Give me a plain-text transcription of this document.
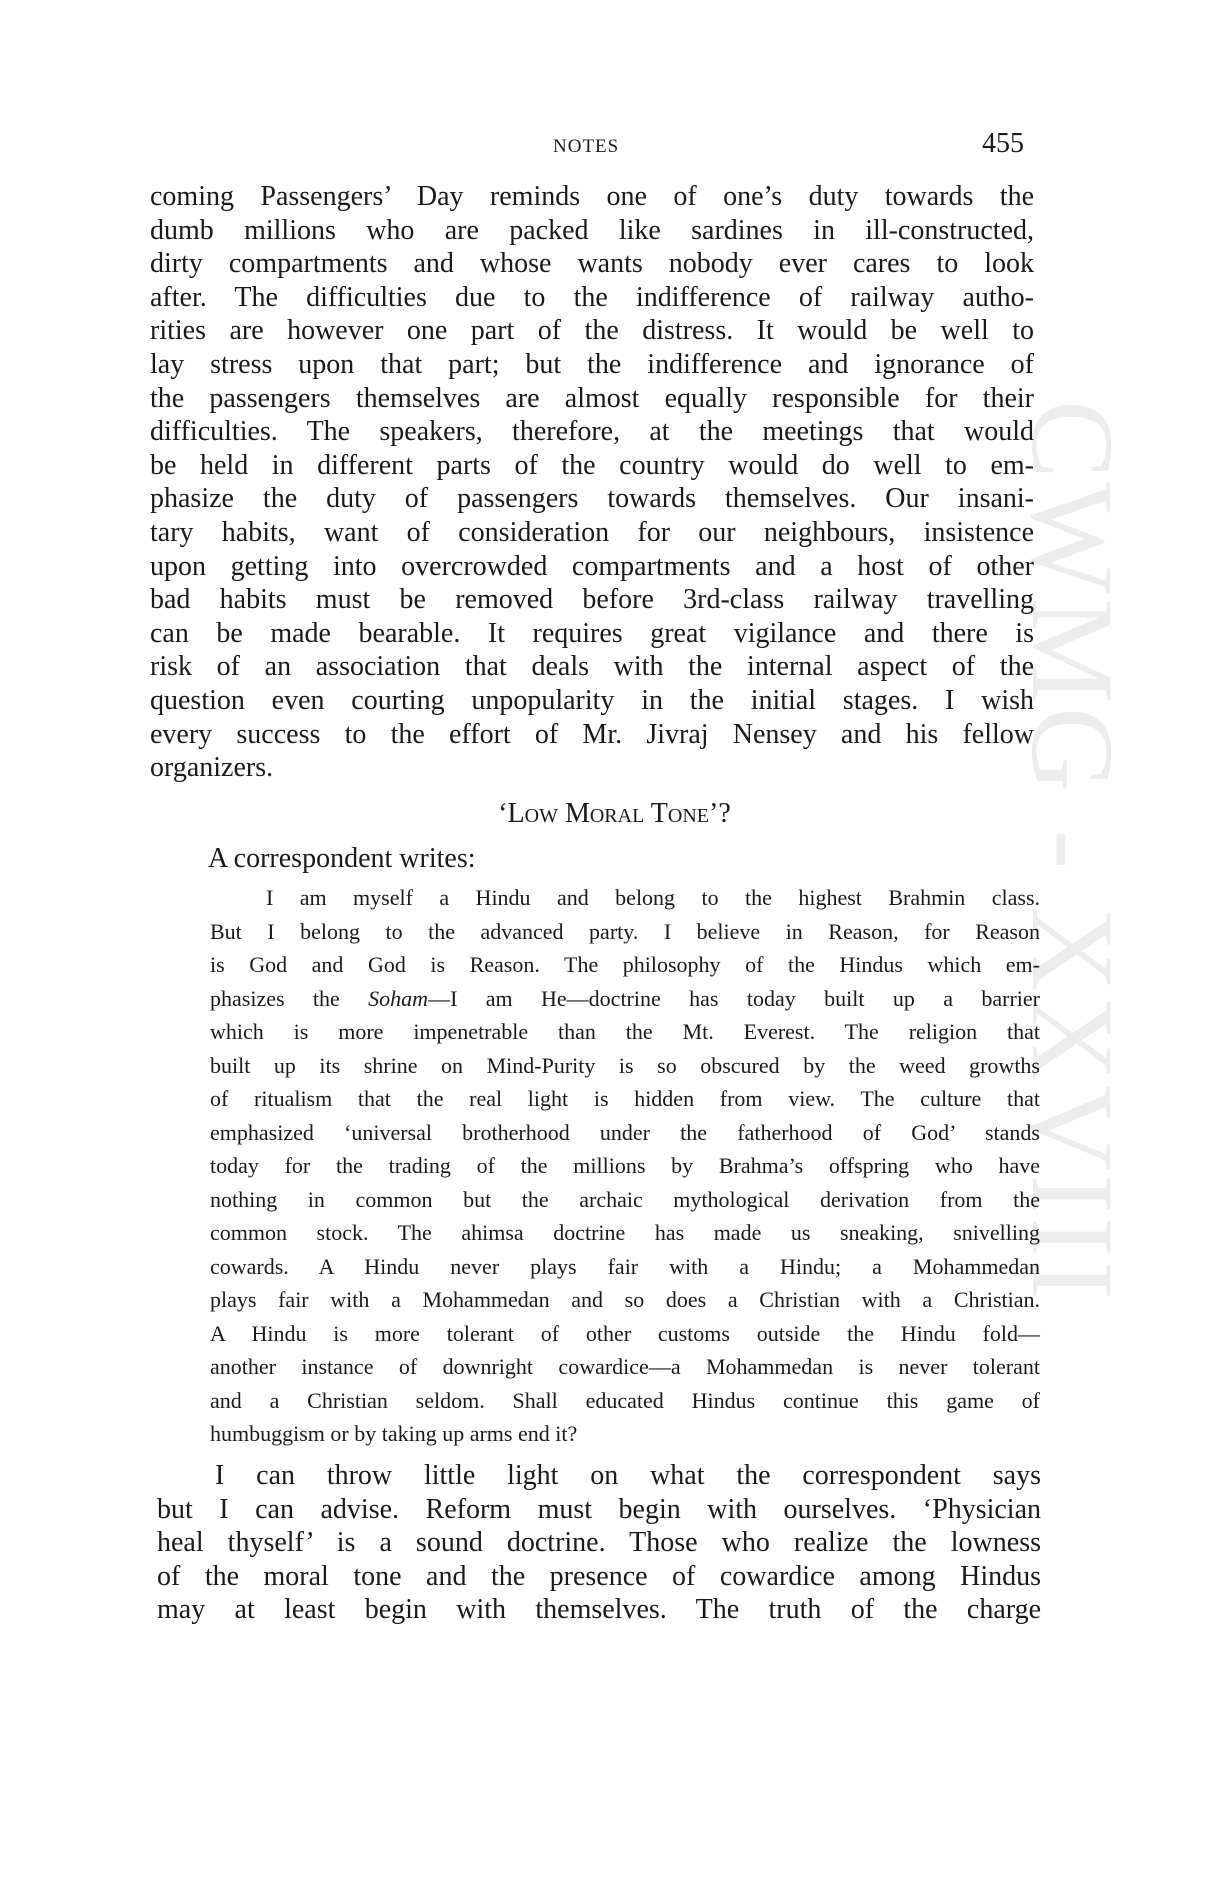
CWMG - XXVIII
NOTES	455
coming Passengers’ Day reminds one of one’s duty towards the
dumb millions who are packed like sardines in ill-constructed,
dirty compartments and whose wants nobody ever cares to look
after. The difficulties due to the indifference of railway autho-
rities are however one part of the distress. It would be well to
lay stress upon that part; but the indifference and ignorance of
the passengers themselves are almost equally responsible for their
difficulties. The speakers, therefore, at the meetings that would
be held in different parts of the country would do well to em-
phasize the duty of passengers towards themselves. Our insani-
tary habits, want of consideration for our neighbours, insistence
upon getting into overcrowded compartments and a host of other
bad habits must be removed before 3rd-class railway travelling
can be made bearable. It requires great vigilance and there is
risk of an association that deals with the internal aspect of the
question even courting unpopularity in the initial stages. I wish
every success to the effort of Mr. Jivraj Nensey and his fellow
organizers.
‘Low Moral Tone’?
A correspondent writes:
I am myself a Hindu and belong to the highest Brahmin class.
But I belong to the advanced party. I believe in Reason, for Reason
is God and God is Reason. The philosophy of the Hindus which em-
phasizes the Soham—I am He—doctrine has today built up a barrier
which is more impenetrable than the Mt. Everest. The religion that
built up its shrine on Mind-Purity is so obscured by the weed growths
of ritualism that the real light is hidden from view. The culture that
emphasized ‘universal brotherhood under the fatherhood of God’ stands
today for the trading of the millions by Brahma’s offspring who have
nothing in common but the archaic mythological derivation from the
common stock. The ahimsa doctrine has made us sneaking, snivelling
cowards. A Hindu never plays fair with a Hindu; a Mohammedan
plays fair with a Mohammedan and so does a Christian with a Christian.
A Hindu is more tolerant of other customs outside the Hindu fold—
another instance of downright cowardice—a Mohammedan is never tolerant
and a Christian seldom. Shall educated Hindus continue this game of
humbuggism or by taking up arms end it?
I can throw little light on what the correspondent says
but I can advise. Reform must begin with ourselves. ‘Physician
heal thyself’ is a sound doctrine. Those who realize the lowness
of the moral tone and the presence of cowardice among Hindus
may at least begin with themselves. The truth of the charge
